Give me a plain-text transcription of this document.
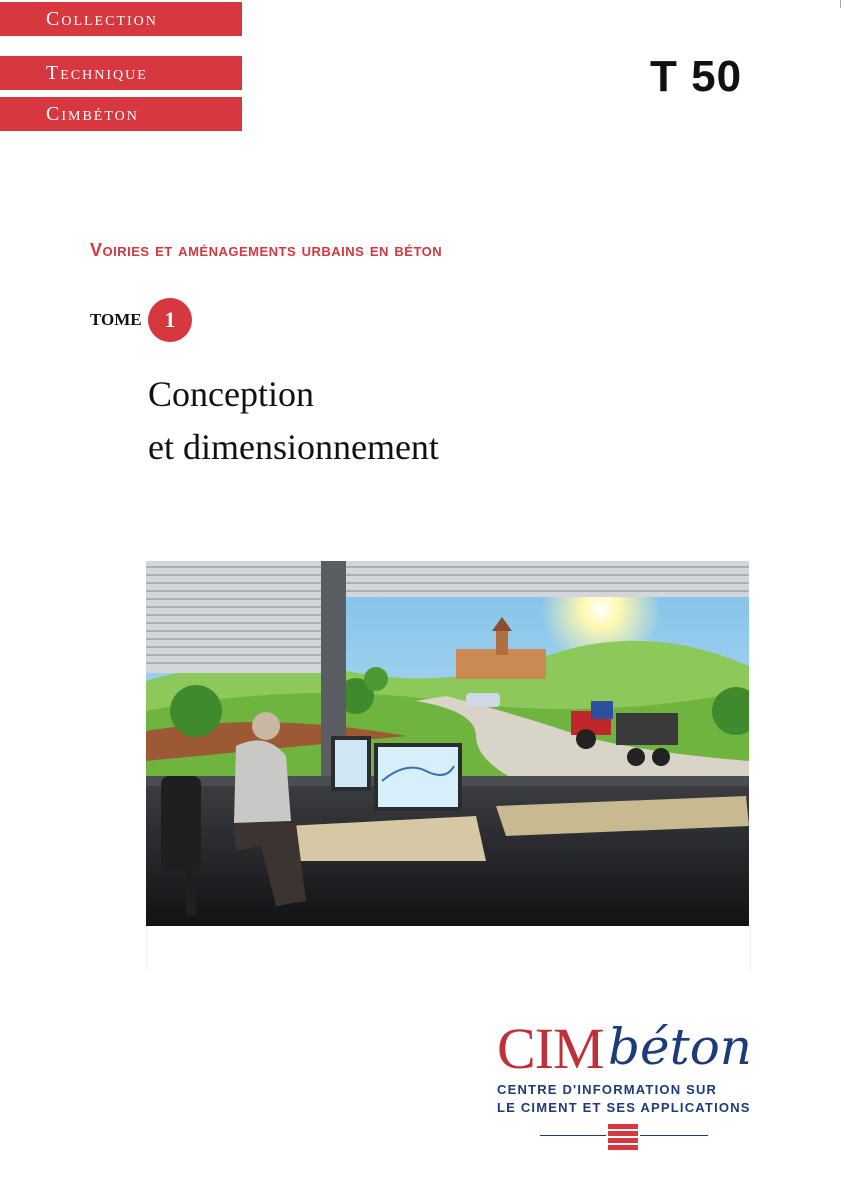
Collection
Technique
Cimbéton
T 50
Voiries et aménagements urbains en béton
TOME	1
Conception
et dimensionnement
CIM béton
CENTRE D'INFORMATION SUR
LE CIMENT ET SES APPLICATIONS
